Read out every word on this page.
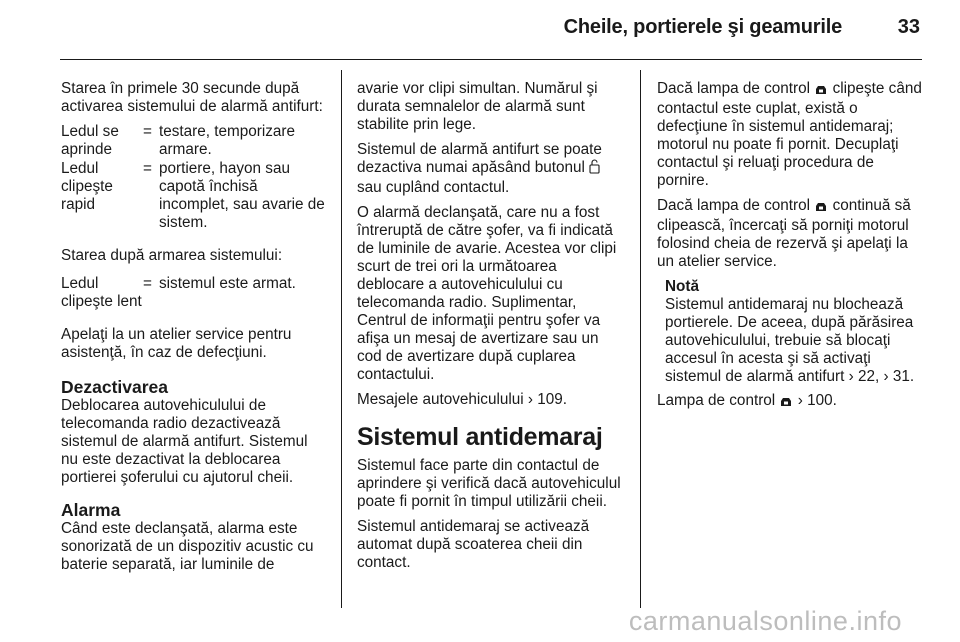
Cheile, portierele şi geamurile	33

Starea în primele 30 secunde după activarea sistemului de alarmă antifurt:

Ledul se aprinde
= testare, temporizare armare.
Ledul clipeşte rapid
= portiere, hayon sau capotă închisă incomplet, sau avarie de sistem.

Starea după armarea sistemului:

Ledul clipeşte lent
= sistemul este armat.

Apelaţi la un atelier service pentru asistenţă, în caz de defecţiuni.

Dezactivarea

Deblocarea autovehiculului de telecomanda radio dezactivează sistemul de alarmă antifurt. Sistemul nu este dezactivat la deblocarea portierei şoferului cu ajutorul cheii.

Alarma

Când este declanşată, alarma este sonorizată de un dispozitiv acustic cu baterie separată, iar luminile de

avarie vor clipi simultan. Numărul şi durata semnalelor de alarmă sunt stabilite prin lege.

Sistemul de alarmă antifurt se poate dezactiva numai apăsând butonul  sau cuplând contactul.

O alarmă declanşată, care nu a fost întreruptă de către şofer, va fi indicată de luminile de avarie. Acestea vor clipi scurt de trei ori la următoarea deblocare a autovehiculului cu telecomanda radio. Suplimentar, Centrul de informaţii pentru şofer va afişa un mesaj de avertizare sau un cod de avertizare după cuplarea contactului.

Mesajele autovehiculului › 109.

Sistemul antidemaraj

Sistemul face parte din contactul de aprindere şi verifică dacă autovehiculul poate fi pornit în timpul utilizării cheii.

Sistemul antidemaraj se activează automat după scoaterea cheii din contact.

Dacă lampa de control clipeşte când contactul este cuplat, există o defecţiune în sistemul antidemaraj; motorul nu poate fi pornit. Decuplaţi contactul şi reluaţi procedura de pornire.

Dacă lampa de control continuă să clipească, încercaţi să porniţi motorul folosind cheia de rezervă şi apelaţi la un atelier service.

Notă
Sistemul antidemaraj nu blochează portierele. De aceea, după părăsirea autovehiculului, trebuie să blocaţi accesul în acesta şi să activaţi sistemul de alarmă antifurt › 22, › 31.

Lampa de control › 100.

carmanualsonline.info
